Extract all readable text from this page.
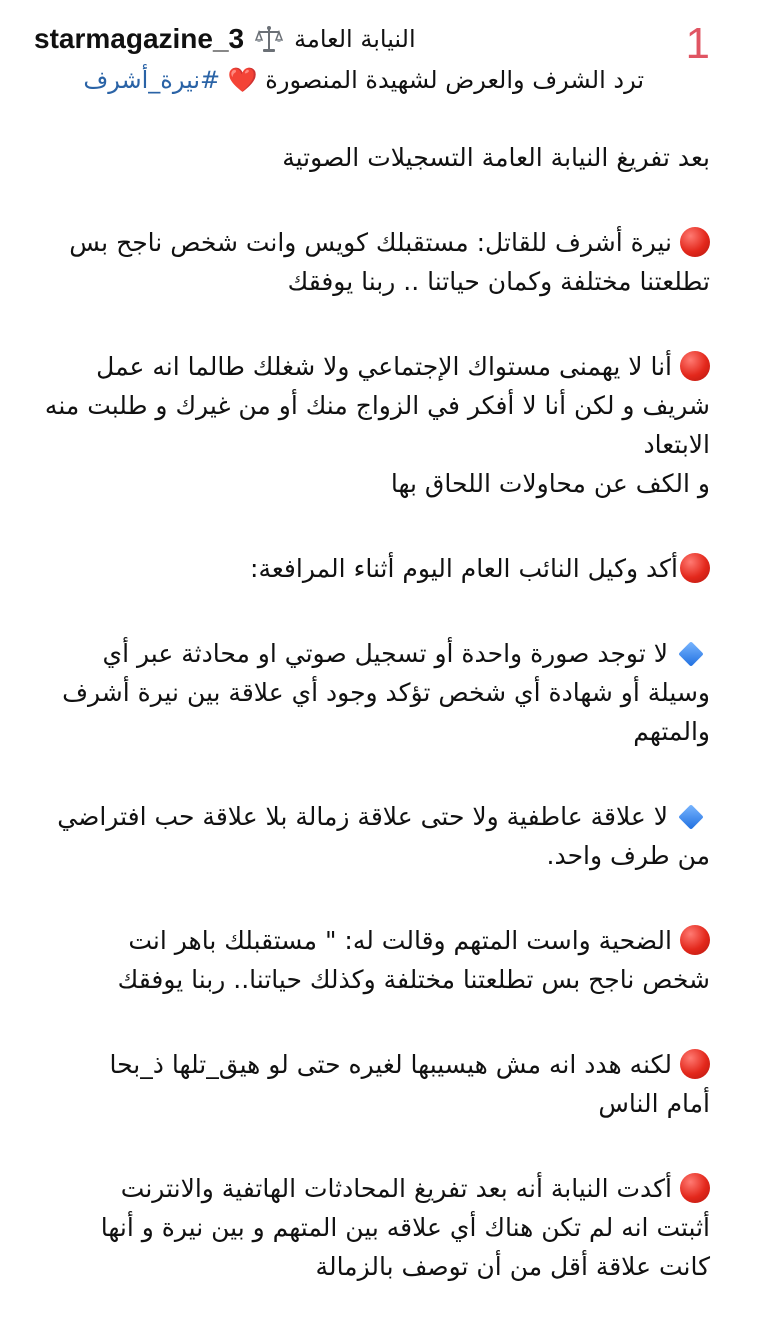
1
starmagazine_3 النيابة العامة
ترد الشرف والعرض لشهيدة المنصورة ❤️ #نيرة_أشرف
بعد تفريغ النيابة العامة التسجيلات الصوتية
نيرة أشرف للقاتل: مستقبلك كويس وانت شخص ناجح بس
تطلعتنا مختلفة وكمان حياتنا .. ربنا يوفقك
أنا لا يهمنى مستواك الإجتماعي ولا شغلك طالما انه عمل
شريف و لكن أنا لا أفكر في الزواج منك أو من غيرك و طلبت منه
الابتعاد
و الكف عن محاولات اللحاق بها
أكد وكيل النائب العام اليوم أثناء المرافعة:
لا توجد صورة واحدة أو تسجيل صوتي او محادثة عبر أي
وسيلة أو شهادة أي شخص تؤكد وجود أي علاقة بين نيرة أشرف
والمتهم
لا علاقة عاطفية ولا حتى علاقة زمالة بلا علاقة حب افتراضي
من طرف واحد.
الضحية واست المتهم وقالت له: " مستقبلك باهر انت
شخص ناجح بس تطلعتنا مختلفة وكذلك حياتنا.. ربنا يوفقك
لكنه هدد انه مش هيسيبها لغيره حتى لو هيق_تلها ذ_بحا
أمام الناس
أكدت النيابة أنه بعد تفريغ المحادثات الهاتفية والانترنت
أثبتت انه لم تكن هناك أي علاقه بين المتهم و بين نيرة و أنها
كانت علاقة أقل من أن توصف بالزمالة
